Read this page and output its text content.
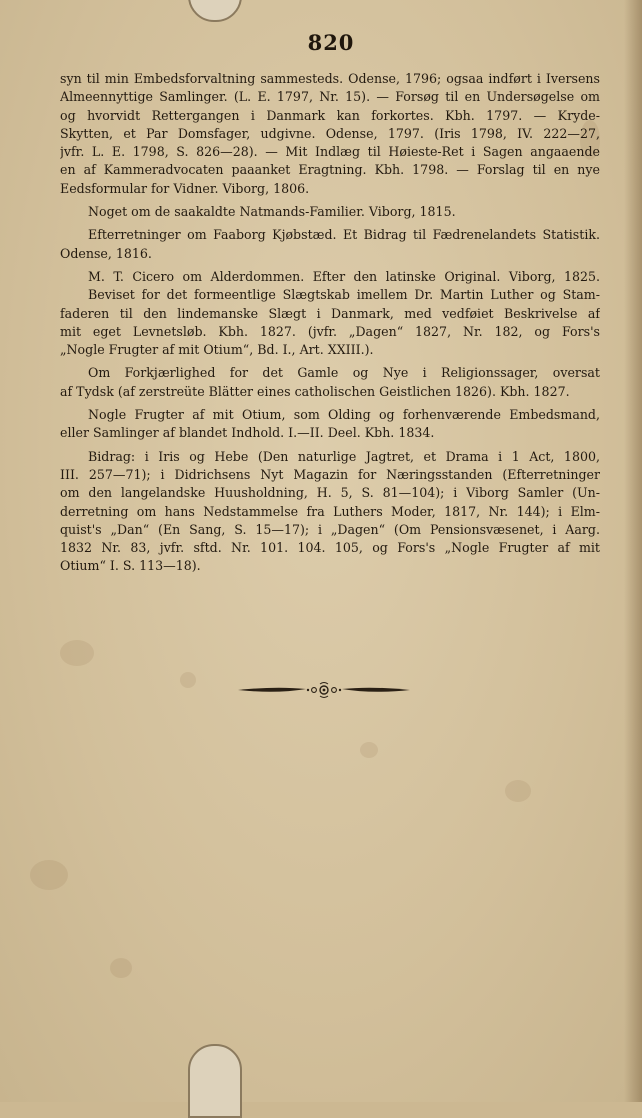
820
syn til min Embedsforvaltning sammesteds. Odense, 1796; ogsaa indført i Iversens
Almeennyttige Samlinger. (L. E. 1797, Nr. 15). — Forsøg til en Undersøgelse om
og hvorvidt Rettergangen i Danmark kan forkortes. Kbh. 1797. — Kryde-
Skytten, et Par Domsfager, udgivne. Odense, 1797. (Iris 1798, IV. 222—27,
jvfr. L. E. 1798, S. 826—28). — Mit Indlæg til Høieste-Ret i Sagen angaaende
en af Kammeradvocaten paaanket Eragtning. Kbh. 1798. — Forslag til en nye
Eedsformular for Vidner. Viborg, 1806.
Noget om de saakaldte Natmands-Familier. Viborg, 1815.
Efterretninger om Faaborg Kjøbstæd. Et Bidrag til Fædrenelandets Statistik.
Odense, 1816.
M. T. Cicero om Alderdommen. Efter den latinske Original. Viborg, 1825.
Beviset for det formeentlige Slægtskab imellem Dr. Martin Luther og Stam-
faderen til den lindemanske Slægt i Danmark, med vedføiet Beskrivelse af
mit eget Levnetsløb. Kbh. 1827. (jvfr. „Dagen“ 1827, Nr. 182, og Fors's
„Nogle Frugter af mit Otium“, Bd. I., Art. XXIII.).
Om Forkjærlighed for det Gamle og Nye i Religionssager, oversat
af Tydsk (af zerstreüte Blätter eines catholischen Geistlichen 1826). Kbh. 1827.
Nogle Frugter af mit Otium, som Olding og forhenværende Embedsmand,
eller Samlinger af blandet Indhold. I.—II. Deel. Kbh. 1834.
Bidrag: i Iris og Hebe (Den naturlige Jagtret, et Drama i 1 Act, 1800,
III. 257—71); i Didrichsens Nyt Magazin for Næringsstanden (Efterretninger
om den langelandske Huusholdning, H. 5, S. 81—104); i Viborg Samler (Un-
derretning om hans Nedstammelse fra Luthers Moder, 1817, Nr. 144); i Elm-
quist's „Dan“ (En Sang, S. 15—17); i „Dagen“ (Om Pensionsvæsenet, i Aarg.
1832 Nr. 83, jvfr. sftd. Nr. 101. 104. 105, og Fors's „Nogle Frugter af mit
Otium“ I. S. 113—18).
